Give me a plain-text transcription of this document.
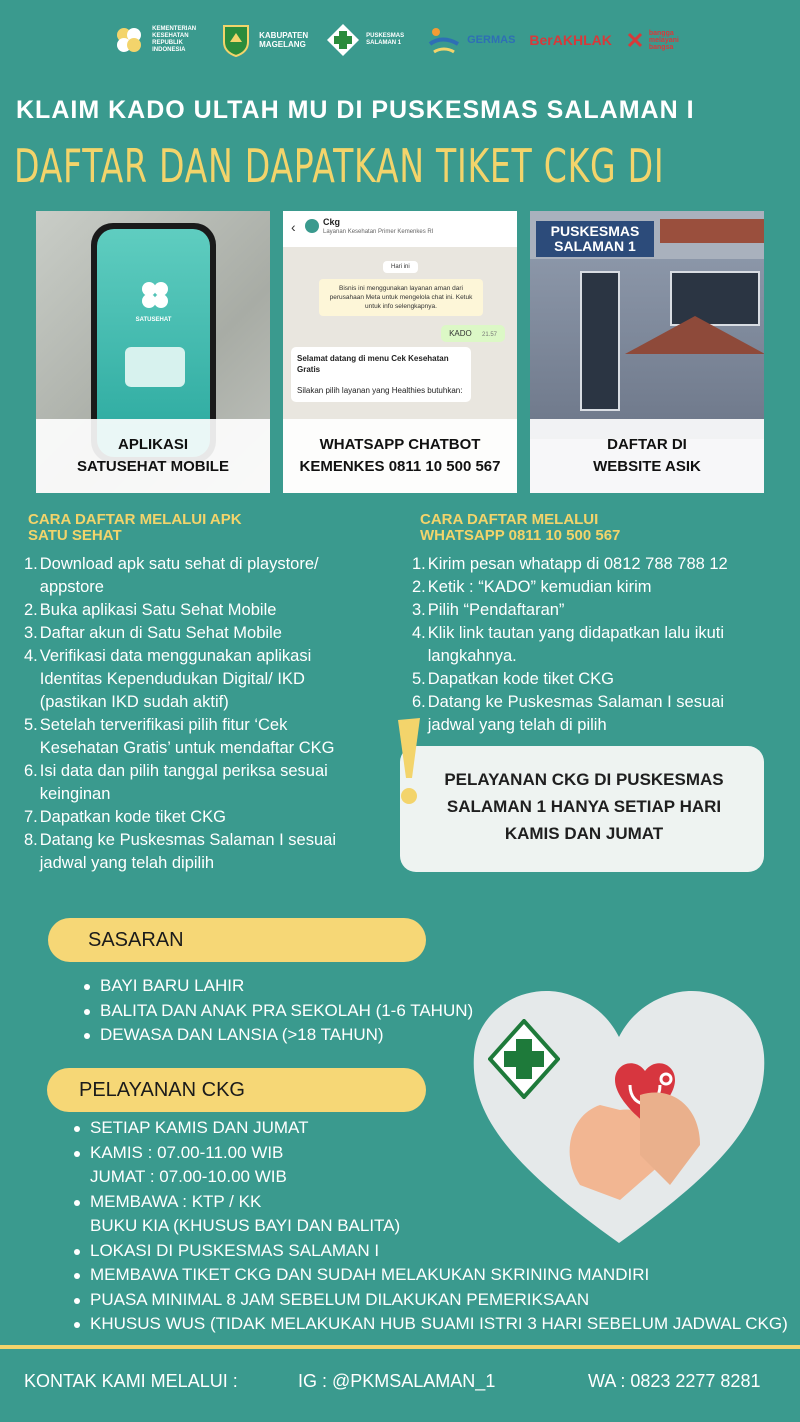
KEMENTERIAN KESEHATAN REPUBLIK INDONESIA
KABUPATEN MAGELANG
PUSKESMAS SALAMAN 1	GERMAS BerAKHLAK	bangga melayani bangsa
KLAIM KADO ULTAH MU DI PUSKESMAS SALAMAN I
DAFTAR DAN DAPATKAN TIKET CKG DI
SATUSEHAT
APLIKASI
SATUSEHAT MOBILE
‹	Ckg
Layanan Kesehatan Primer Kemenkes RI
Hari ini
Bisnis ini menggunakan layanan aman dari perusahaan Meta untuk mengelola chat ini. Ketuk untuk info selengkapnya.
KADO 21.57
Selamat datang di menu Cek Kesehatan Gratis
Silakan pilih layanan yang Healthies butuhkan:
WHATSAPP CHATBOT
KEMENKES 0811 10 500 567
PUSKESMAS SALAMAN 1
DAFTAR DI
WEBSITE ASIK
CARA DAFTAR MELALUI APK
SATU SEHAT
1. Download apk satu sehat di playstore/
appstore
2. Buka aplikasi Satu Sehat Mobile
3. Daftar akun di Satu Sehat Mobile
4. Verifikasi data menggunakan aplikasi
Identitas Kependudukan Digital/ IKD
(pastikan IKD sudah aktif)
5. Setelah terverifikasi pilih fitur ‘Cek
Kesehatan Gratis’ untuk mendaftar CKG
6. Isi data dan pilih tanggal periksa sesuai
keinginan
7. Dapatkan kode tiket CKG
8. Datang ke Puskesmas Salaman I sesuai
jadwal yang telah dipilih
CARA DAFTAR MELALUI
WHATSAPP 0811 10 500 567
1. Kirim pesan whatapp di 0812 788 788 12
2. Ketik : “KADO” kemudian kirim
3. Pilih “Pendaftaran”
4. Klik link tautan yang didapatkan lalu ikuti
langkahnya.
5. Dapatkan kode tiket CKG
6. Datang ke Puskesmas Salaman I sesuai
jadwal yang telah di pilih
PELAYANAN CKG DI PUSKESMAS
SALAMAN 1 HANYA SETIAP HARI
KAMIS DAN JUMAT
SASARAN
BAYI BARU LAHIR
BALITA DAN ANAK PRA SEKOLAH (1-6 TAHUN)
DEWASA DAN LANSIA (>18 TAHUN)
PELAYANAN CKG
SETIAP KAMIS DAN JUMAT
KAMIS : 07.00-11.00 WIB
JUMAT : 07.00-10.00 WIB
MEMBAWA : KTP / KK
BUKU KIA (KHUSUS BAYI DAN BALITA)
LOKASI DI PUSKESMAS SALAMAN I
MEMBAWA TIKET CKG DAN SUDAH MELAKUKAN SKRINING MANDIRI
PUASA MINIMAL 8 JAM SEBELUM DILAKUKAN PEMERIKSAAN
KHUSUS WUS (TIDAK MELAKUKAN HUB SUAMI ISTRI 3 HARI SEBELUM JADWAL CKG)
KONTAK KAMI MELALUI :	IG : @PKMSALAMAN_1	WA : 0823 2277 8281
